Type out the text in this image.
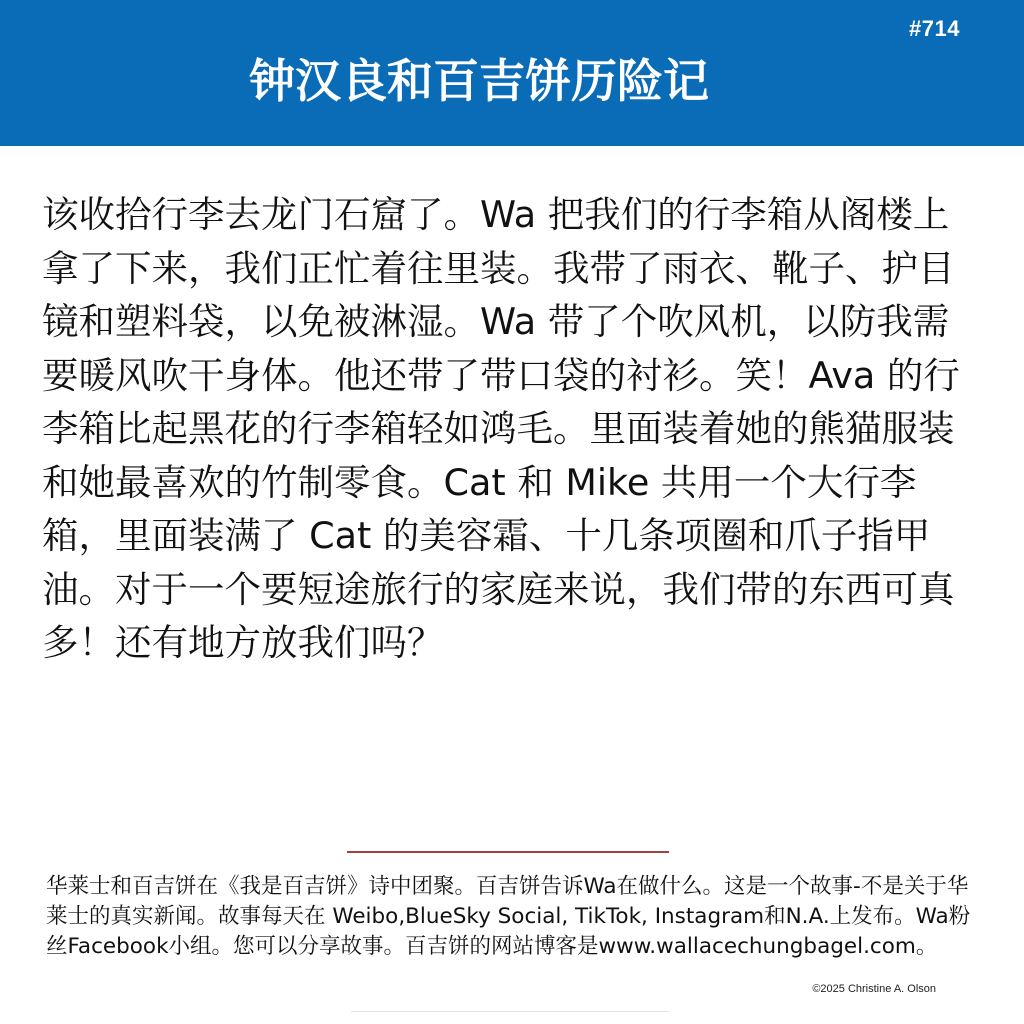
#714
钟汉良和百吉饼历险记

该收拾行李去龙门石窟了。Wa 把我们的行李箱从阁楼上拿了下来，我们正忙着往里装。我带了雨衣、靴子、护目镜和塑料袋，以免被淋湿。Wa 带了个吹风机，以防我需要暖风吹干身体。他还带了带口袋的衬衫。笑！Ava 的行李箱比起黑花的行李箱轻如鸿毛。里面装着她的熊猫服装和她最喜欢的竹制零食。Cat 和 Mike 共用一个大行李箱，里面装满了 Cat 的美容霜、十几条项圈和爪子指甲油。对于一个要短途旅行的家庭来说，我们带的东西可真多！还有地方放我们吗？

华莱士和百吉饼在《我是百吉饼》诗中团聚。百吉饼告诉Wa在做什么。这是一个故事-不是关于华莱士的真实新闻。故事每天在 Weibo,BlueSky Social, TikTok, Instagram和N.A.上发布。Wa粉丝Facebook小组。您可以分享故事。百吉饼的网站博客是www.wallacechungbagel.com。

©2025 Christine A. Olson
